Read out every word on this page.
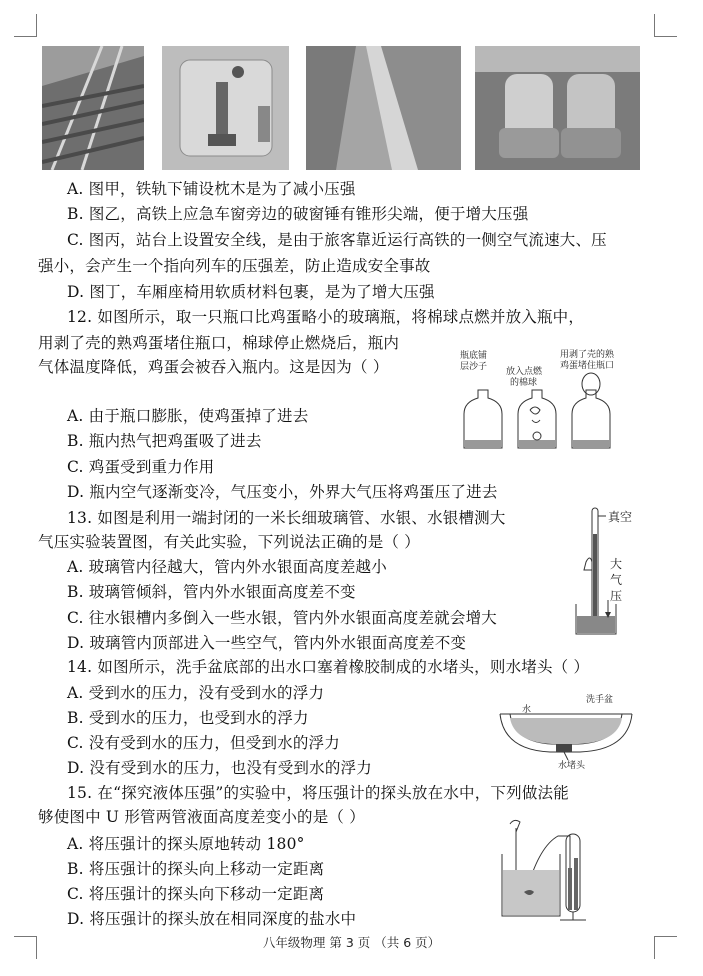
A. 图甲，铁轨下铺设枕木是为了减小压强
B. 图乙，高铁上应急车窗旁边的破窗锤有锥形尖端，便于增大压强
C. 图丙，站台上设置安全线，是由于旅客靠近运行高铁的一侧空气流速大、压
强小，会产生一个指向列车的压强差，防止造成安全事故
D. 图丁，车厢座椅用软质材料包裹，是为了增大压强
12. 如图所示，取一只瓶口比鸡蛋略小的玻璃瓶，将棉球点燃并放入瓶中，
用剥了壳的熟鸡蛋堵住瓶口，棉球停止燃烧后，瓶内
气体温度降低，鸡蛋会被吞入瓶内。这是因为（ ）
瓶底铺
层沙子 放入点燃
的棉球
用剥了壳的熟
鸡蛋堵住瓶口
A. 由于瓶口膨胀，使鸡蛋掉了进去
B. 瓶内热气把鸡蛋吸了进去
C. 鸡蛋受到重力作用
D. 瓶内空气逐渐变冷，气压变小，外界大气压将鸡蛋压了进去
13. 如图是利用一端封闭的一米长细玻璃管、水银、水银槽测大
气压实验装置图，有关此实验，下列说法正确的是（ ）
真空
大
气
压
A. 玻璃管内径越大，管内外水银面高度差越小
B. 玻璃管倾斜，管内外水银面高度差不变
C. 往水银槽内多倒入一些水银，管内外水银面高度差就会增大
D. 玻璃管内顶部进入一些空气，管内外水银面高度差不变
14. 如图所示，洗手盆底部的出水口塞着橡胶制成的水堵头，则水堵头（ ）
洗手盆
水
水堵头
A. 受到水的压力，没有受到水的浮力
B. 受到水的压力，也受到水的浮力
C. 没有受到水的压力，但受到水的浮力
D. 没有受到水的压力，也没有受到水的浮力
15. 在“探究液体压强”的实验中，将压强计的探头放在水中，下列做法能
够使图中 U 形管两管液面高度差变小的是（ ）
A. 将压强计的探头原地转动 180°
B. 将压强计的探头向上移动一定距离
C. 将压强计的探头向下移动一定距离
D. 将压强计的探头放在相同深度的盐水中
八年级物理 第 3 页 （共 6 页）
